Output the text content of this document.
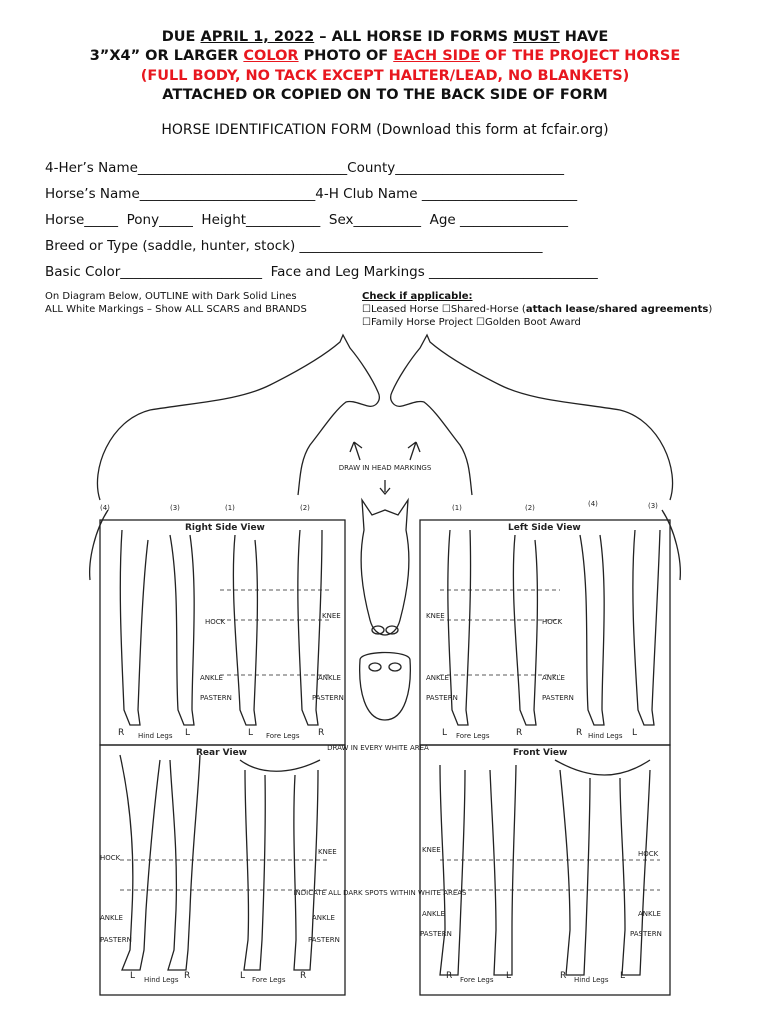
DUE APRIL 1, 2022 – ALL HORSE ID FORMS MUST HAVE
3”X4” OR LARGER COLOR PHOTO OF EACH SIDE OF THE PROJECT HORSE
(FULL BODY, NO TACK EXCEPT HALTER/LEAD, NO BLANKETS)
ATTACHED OR COPIED ON TO THE BACK SIDE OF FORM
HORSE IDENTIFICATION FORM (Download this form at fcfair.org)
4-Her’s Name_______________________________County_________________________
Horse’s Name__________________________4-H Club Name _______________________
Horse_____  Pony_____  Height___________  Sex__________  Age ________________
Breed or Type (saddle, hunter, stock) ____________________________________
Basic Color_____________________  Face and Leg Markings _________________________
On Diagram Below, OUTLINE with Dark Solid Lines
ALL White Markings – Show ALL SCARS and BRANDS
Check if applicable:
☐Leased Horse ☐Shared-Horse (attach lease/shared agreements)
☐Family Horse Project ☐Golden Boot Award
Right Side View	Left Side View
Rear View	Front View
DRAW IN HEAD MARKINGS
DRAW IN EVERY WHITE AREA
INDICATE ALL DARK SPOTS WITHIN WHITE AREAS
HOCK
KNEE
ANKLE	ANKLE
PASTERN	PASTERN
KNEE
HOCK
ANKLE	ANKLE
PASTERN	PASTERN
HOCK
KNEE
ANKLE	ANKLE
PASTERN	PASTERN
KNEE	HOCK
ANKLE	ANKLE
PASTERN	PASTERN
R Hind Legs L	L Fore Legs R	L Fore Legs	R	R Hind Legs L
L Hind Legs R	L Fore Legs R	R Fore Legs L	R Hind Legs L
(4)	(3)	(1)	(2)	(1)	(2)	(4)	(3)
